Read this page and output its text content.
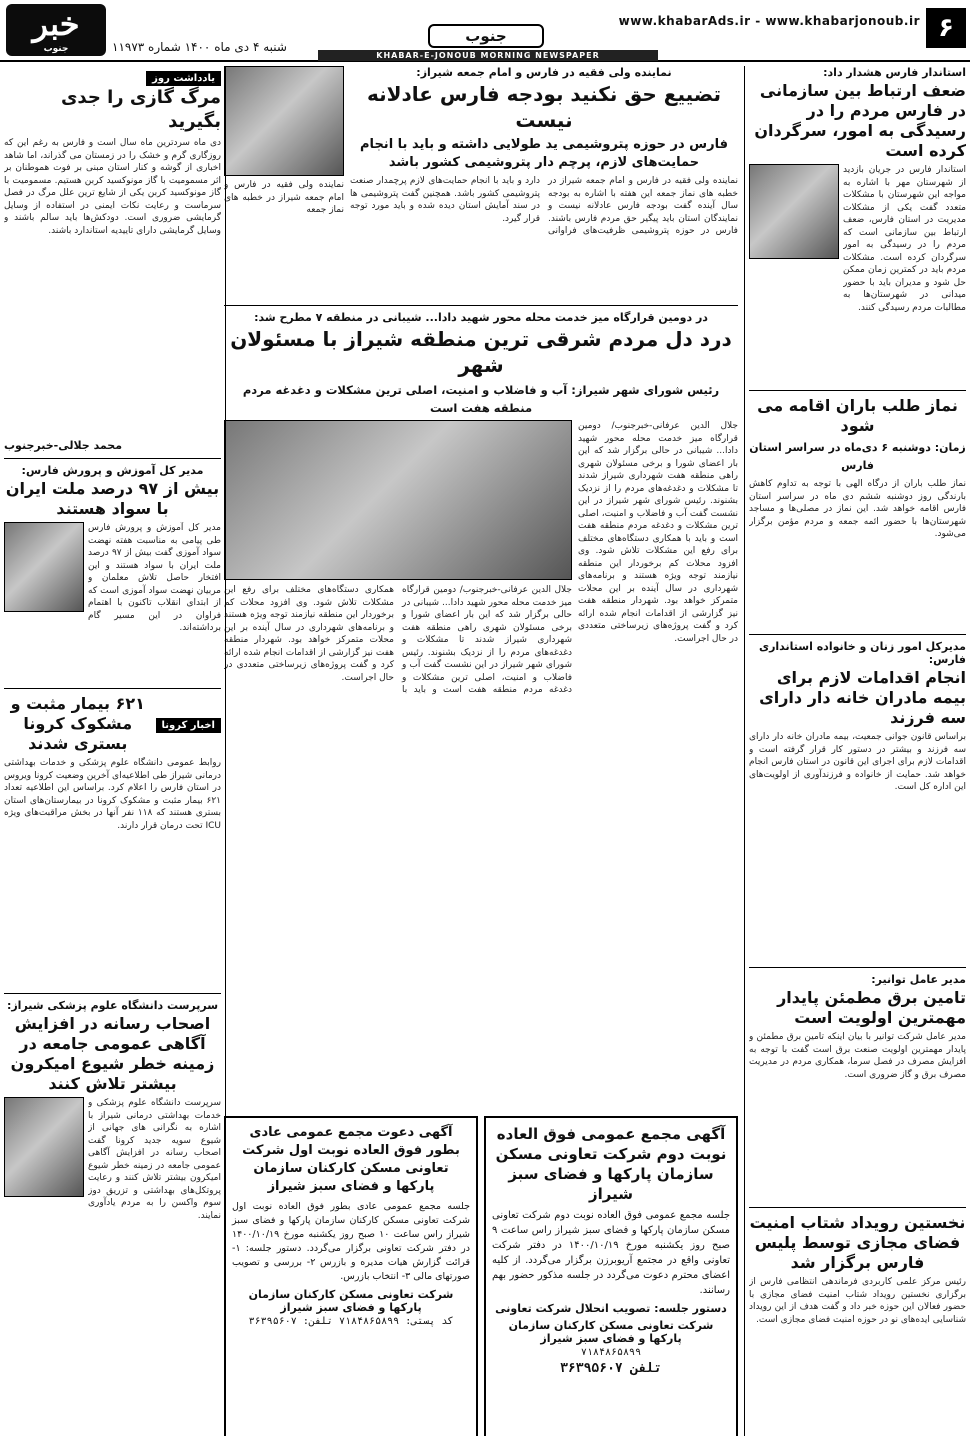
۶
www.khabarAds.ir - www.khabarjonoub.ir
جنوب
KHABAR-E-JONOUB MORNING NEWSPAPER
شنبه ۴ دی ماه ۱۴۰۰ شماره ۱۱۹۷۳
خبر
جنوب
استاندار فارس هشدار داد:
ضعف ارتباط بین سازمانی در فارس مردم را در رسیدگی به امور، سرگردان کرده است
استاندار فارس در جریان بازدید از شهرستان مهر با اشاره به مواجه این شهرستان با مشکلات متعدد گفت یکی از مشکلات مدیریت در استان فارس، ضعف ارتباط بین سازمانی است که مردم را در رسیدگی به امور سرگردان کرده است. مشکلات مردم باید در کمترین زمان ممکن حل شود و مدیران باید با حضور میدانی در شهرستان‌ها به مطالبات مردم رسیدگی کنند.
نماز طلب باران اقامه می شود
زمان: دوشنبه ۶ دی‌ماه در سراسر استان فارس
نماز طلب باران از درگاه الهی با توجه به تداوم کاهش بارندگی روز دوشنبه ششم دی ماه در سراسر استان فارس اقامه خواهد شد. این نماز در مصلی‌ها و مساجد شهرستان‌ها با حضور ائمه جمعه و مردم مؤمن برگزار می‌شود.
مدیرکل امور زنان و خانواده استانداری فارس:
انجام اقدامات لازم برای بیمه مادران خانه دار دارای سه فرزند
براساس قانون جوانی جمعیت، بیمه مادران خانه دار دارای سه فرزند و بیشتر در دستور کار قرار گرفته است و اقدامات لازم برای اجرای این قانون در استان فارس انجام خواهد شد. حمایت از خانواده و فرزندآوری از اولویت‌های این اداره کل است.
مدیر عامل توانیر:
تامین برق مطمئن پایدار مهمترین اولویت است
مدیر عامل شرکت توانیر با بیان اینکه تامین برق مطمئن و پایدار مهمترین اولویت صنعت برق است گفت با توجه به افزایش مصرف در فصل سرما، همکاری مردم در مدیریت مصرف برق و گاز ضروری است.
نخستین رویداد شتاب امنیت فضای مجازی توسط پلیس فارس برگزار شد
رئیس مرکز علمی کاربردی فرماندهی انتظامی فارس از برگزاری نخستین رویداد شتاب امنیت فضای مجازی با حضور فعالان این حوزه خبر داد و گفت هدف از این رویداد شناسایی ایده‌های نو در حوزه امنیت فضای مجازی است.
نماینده ولی فقیه در فارس و امام جمعه شیراز:
تضییع حق نکنید بودجه فارس عادلانه نیست
فارس در حوزه پتروشیمی ید طولایی داشته و باید با انجام حمایت‌های لازم، پرچم دار پتروشیمی کشور باشد
نماینده ولی فقیه در فارس و امام جمعه شیراز در خطبه های نماز جمعه این هفته با اشاره به بودجه سال آینده گفت بودجه فارس عادلانه نیست و نمایندگان استان باید پیگیر حق مردم فارس باشند. فارس در حوزه پتروشیمی ظرفیت‌های فراوانی دارد و باید با انجام حمایت‌های لازم پرچمدار صنعت پتروشیمی کشور باشد. همچنین گفت پتروشیمی ها در سند آمایش استان دیده شده و باید مورد توجه قرار گیرد.
نماینده ولی فقیه در فارس و امام جمعه شیراز در خطبه های نماز جمعه
در دومین قرارگاه میز خدمت محله محور شهید دادا... شیبانی در منطقه ۷ مطرح شد:
درد دل مردم شرقی ترین منطقه شیراز با مسئولان شهر
رئیس شورای شهر شیراز: آب و فاضلاب و امنیت، اصلی ترین مشکلات و دغدغه مردم منطقه هفت است
جلال الدین عرفانی-خبرجنوب/ دومین قرارگاه میز خدمت محله محور شهید دادا... شیبانی در حالی برگزار شد که این بار اعضای شورا و برخی مسئولان شهری راهی منطقه هفت شهرداری شیراز شدند تا مشکلات و دغدغه‌های مردم را از نزدیک بشنوند. رئیس شورای شهر شیراز در این نشست گفت آب و فاضلاب و امنیت، اصلی ترین مشکلات و دغدغه مردم منطقه هفت است و باید با همکاری دستگاه‌های مختلف برای رفع این مشکلات تلاش شود. وی افزود محلات کم برخوردار این منطقه نیازمند توجه ویژه هستند و برنامه‌های شهرداری در سال آینده بر این محلات متمرکز خواهد بود. شهردار منطقه هفت نیز گزارشی از اقدامات انجام شده ارائه کرد و گفت پروژه‌های زیرساختی متعددی در حال اجراست.
جلال الدین عرفانی-خبرجنوب/ دومین قرارگاه میز خدمت محله محور شهید دادا... شیبانی در حالی برگزار شد که این بار اعضای شورا و برخی مسئولان شهری راهی منطقه هفت شهرداری شیراز شدند تا مشکلات و دغدغه‌های مردم را از نزدیک بشنوند. رئیس شورای شهر شیراز در این نشست گفت آب و فاضلاب و امنیت، اصلی ترین مشکلات و دغدغه مردم منطقه هفت است و باید با همکاری دستگاه‌های مختلف برای رفع این مشکلات تلاش شود. وی افزود محلات کم برخوردار این منطقه نیازمند توجه ویژه هستند و برنامه‌های شهرداری در سال آینده بر این محلات متمرکز خواهد بود. شهردار منطقه هفت نیز گزارشی از اقدامات انجام شده ارائه کرد و گفت پروژه‌های زیرساختی متعددی در حال اجراست.
آگهی مجمع عمومی فوق العاده نوبت دوم شرکت تعاونی مسکن سازمان پارکها و فضای سبز شیراز
جلسه مجمع عمومی فوق العاده نوبت دوم شرکت تعاونی مسکن سازمان پارکها و فضای سبز شیراز راس ساعت ۹ صبح روز یکشنبه مورخ ۱۴۰۰/۱۰/۱۹ در دفتر شرکت تعاونی واقع در مجتمع آریوبرزن برگزار می‌گردد. از کلیه اعضای محترم دعوت می‌گردد در جلسه مذکور حضور بهم رسانند.
دستور جلسه: تصویب انحلال شرکت تعاونی
شرکت تعاونی مسکن کارکنان سازمان پارکها و فضای سبز شیراز
۷۱۸۴۸۶۵۸۹۹
تلفن ۳۶۳۹۵۶۰۷
آگهی دعوت مجمع عمومی عادی بطور فوق العاده نوبت اول شرکت تعاونی مسکن کارکنان سازمان پارکها و فضای سبز شیراز
جلسه مجمع عمومی عادی بطور فوق العاده نوبت اول شرکت تعاونی مسکن کارکنان سازمان پارکها و فضای سبز شیراز راس ساعت ۱۰ صبح روز یکشنبه مورخ ۱۴۰۰/۱۰/۱۹ در دفتر شرکت تعاونی برگزار می‌گردد. دستور جلسه: ۱- قرائت گزارش هیات مدیره و بازرس ۲- بررسی و تصویب صورتهای مالی ۳- انتخاب بازرس.
شرکت تعاونی مسکن کارکنان سازمان پارکها و فضای سبز شیراز
کد پستی: ۷۱۸۴۸۶۵۸۹۹ تلفن: ۳۶۳۹۵۶۰۷
یادداشت روز
مرگ گازی را جدی بگیرید
دی ماه سردترین ماه سال است و فارس به رغم این که روزگاری گرم و خشک را در زمستان می گذراند، اما شاهد اخباری از گوشه و کنار استان مبنی بر فوت هموطنان بر اثر مسمومیت با گاز مونوکسید کربن هستیم. مسمومیت با گاز مونوکسید کربن یکی از شایع ترین علل مرگ در فصل سرماست و رعایت نکات ایمنی در استفاده از وسایل گرمایشی ضروری است. دودکش‌ها باید سالم باشند و وسایل گرمایشی دارای تاییدیه استاندارد باشند.
محمد جلالی-خبرجنوب
مدیر کل آموزش و پرورش فارس:
بیش از ۹۷ درصد ملت ایران با سواد هستند
مدیر کل آموزش و پرورش فارس طی پیامی به مناسبت هفته نهضت سواد آموزی گفت بیش از ۹۷ درصد ملت ایران با سواد هستند و این افتخار حاصل تلاش معلمان و مربیان نهضت سواد آموزی است که از ابتدای انقلاب تاکنون با اهتمام فراوان در این مسیر گام برداشته‌اند.
اخبار کرونا
۶۲۱ بیمار مثبت و مشکوک کرونا بستری شدند
روابط عمومی دانشگاه علوم پزشکی و خدمات بهداشتی درمانی شیراز طی اطلاعیه‌ای آخرین وضعیت کرونا ویروس در استان فارس را اعلام کرد. براساس این اطلاعیه تعداد ۶۲۱ بیمار مثبت و مشکوک کرونا در بیمارستان‌های استان بستری هستند که ۱۱۸ نفر آنها در بخش مراقبت‌های ویژه ICU تحت درمان قرار دارند.
سرپرست دانشگاه علوم پزشکی شیراز:
اصحاب رسانه در افزایش آگاهی عمومی جامعه در زمینه خطر شیوع امیکرون بیشتر تلاش کنند
سرپرست دانشگاه علوم پزشکی و خدمات بهداشتی درمانی شیراز با اشاره به نگرانی های جهانی از شیوع سویه جدید کرونا گفت اصحاب رسانه در افزایش آگاهی عمومی جامعه در زمینه خطر شیوع امیکرون بیشتر تلاش کنند و رعایت پروتکل‌های بهداشتی و تزریق دوز سوم واکسن را به مردم یادآوری نمایند.
